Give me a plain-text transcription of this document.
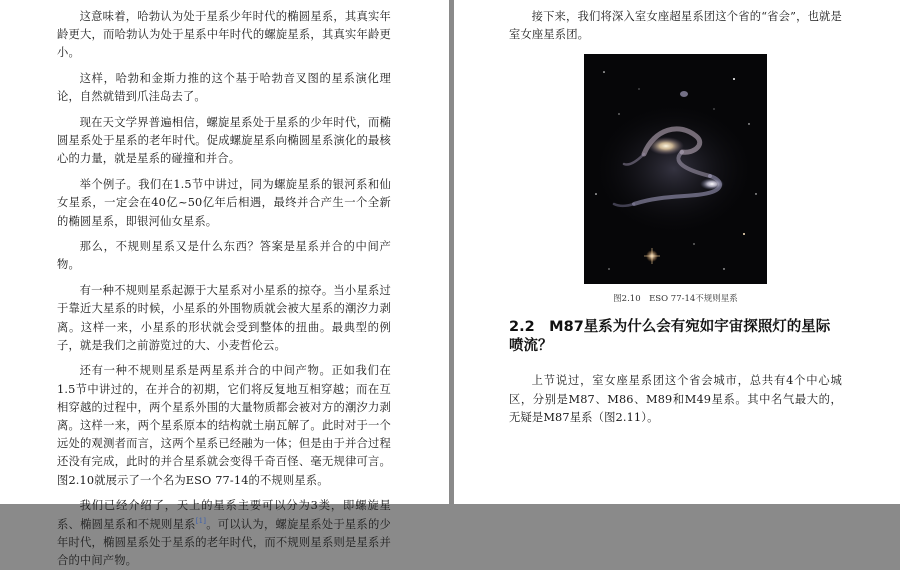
这意味着，哈勃认为处于星系少年时代的椭圆星系，其真实年龄更大，而哈勃认为处于星系中年时代的螺旋星系，其真实年龄更小。

这样，哈勃和金斯力推的这个基于哈勃音叉图的星系演化理论，自然就错到爪洼岛去了。

现在天文学界普遍相信，螺旋星系处于星系的少年时代，而椭圆星系处于星系的老年时代。促成螺旋星系向椭圆星系演化的最核心的力量，就是星系的碰撞和并合。

举个例子。我们在1.5节中讲过，同为螺旋星系的银河系和仙女星系，一定会在40亿~50亿年后相遇，最终并合产生一个全新的椭圆星系，即银河仙女星系。

那么，不规则星系又是什么东西？答案是星系并合的中间产物。

有一种不规则星系起源于大星系对小星系的掠夺。当小星系过于靠近大星系的时候，小星系的外围物质就会被大星系的潮汐力剥离。这样一来，小星系的形状就会受到整体的扭曲。最典型的例子，就是我们之前游览过的大、小麦哲伦云。

还有一种不规则星系是两星系并合的中间产物。正如我们在1.5节中讲过的，在并合的初期，它们将反复地互相穿越；而在互相穿越的过程中，两个星系外围的大量物质都会被对方的潮汐力剥离。这样一来，两个星系原本的结构就土崩瓦解了。此时对于一个远处的观测者而言，这两个星系已经融为一体；但是由于并合过程还没有完成，此时的并合星系就会变得千奇百怪、毫无规律可言。图2.10就展示了一个名为ESO 77-14的不规则星系。

我们已经介绍了，天上的星系主要可以分为3类，即螺旋星系、椭圆星系和不规则星系[1]。可以认为，螺旋星系处于星系的少年时代，椭圆星系处于星系的老年时代，而不规则星系则是星系并合的中间产物。

接下来，我们将深入室女座超星系团这个省的“省会”，也就是室女座星系团。

图2.10　ESO 77-14不规则星系

2.2　M87星系为什么会有宛如宇宙探照灯的星际喷流？

上节说过，室女座星系团这个省会城市，总共有4个中心城区，分别是M87、M86、M89和M49星系。其中名气最大的，无疑是M87星系（图2.11）。
